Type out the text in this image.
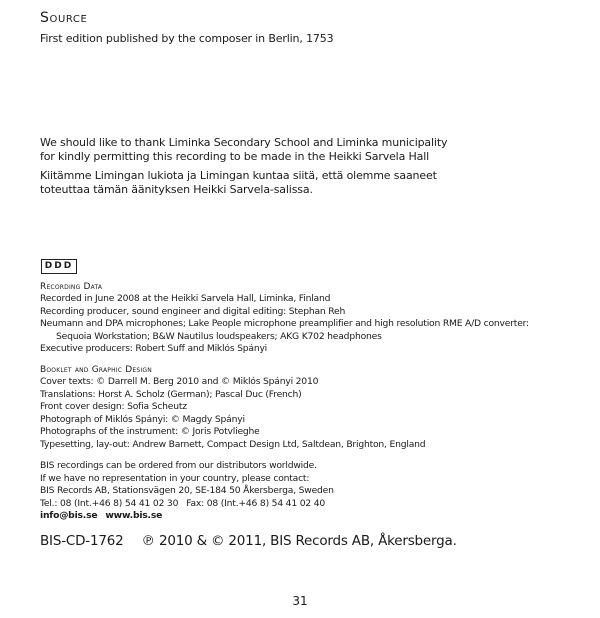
Source
First edition published by the composer in Berlin, 1753
We should like to thank Liminka Secondary School and Liminka municipality
for kindly permitting this recording to be made in the Heikki Sarvela Hall
Kiitämme Limingan lukiota ja Limingan kuntaa siitä, että olemme saaneet
toteuttaa tämän äänityksen Heikki Sarvela-salissa.
DDD
Recording Data
Recorded in June 2008 at the Heikki Sarvela Hall, Liminka, Finland
Recording producer, sound engineer and digital editing: Stephan Reh
Neumann and DPA microphones; Lake People microphone preamplifier and high resolution RME A/D converter:
Sequoia Workstation; B&W Nautilus loudspeakers; AKG K702 headphones
Executive producers: Robert Suff and Miklós Spányi
Booklet and Graphic Design
Cover texts: © Darrell M. Berg 2010 and © Miklós Spányi 2010
Translations: Horst A. Scholz (German); Pascal Duc (French)
Front cover design: Sofia Scheutz
Photograph of Miklós Spányi: © Magdy Spányi
Photographs of the instrument: © Joris Potvlieghe
Typesetting, lay-out: Andrew Barnett, Compact Design Ltd, Saltdean, Brighton, England
BIS recordings can be ordered from our distributors worldwide.
If we have no representation in your country, please contact:
BIS Records AB, Stationsvägen 20, SE-184 50 Åkersberga, Sweden
Tel.: 08 (Int.+46 8) 54 41 02 30 Fax: 08 (Int.+46 8) 54 41 02 40
info@bis.se www.bis.se
BIS-CD-1762 ℗ 2010 & © 2011, BIS Records AB, Åkersberga.
31
